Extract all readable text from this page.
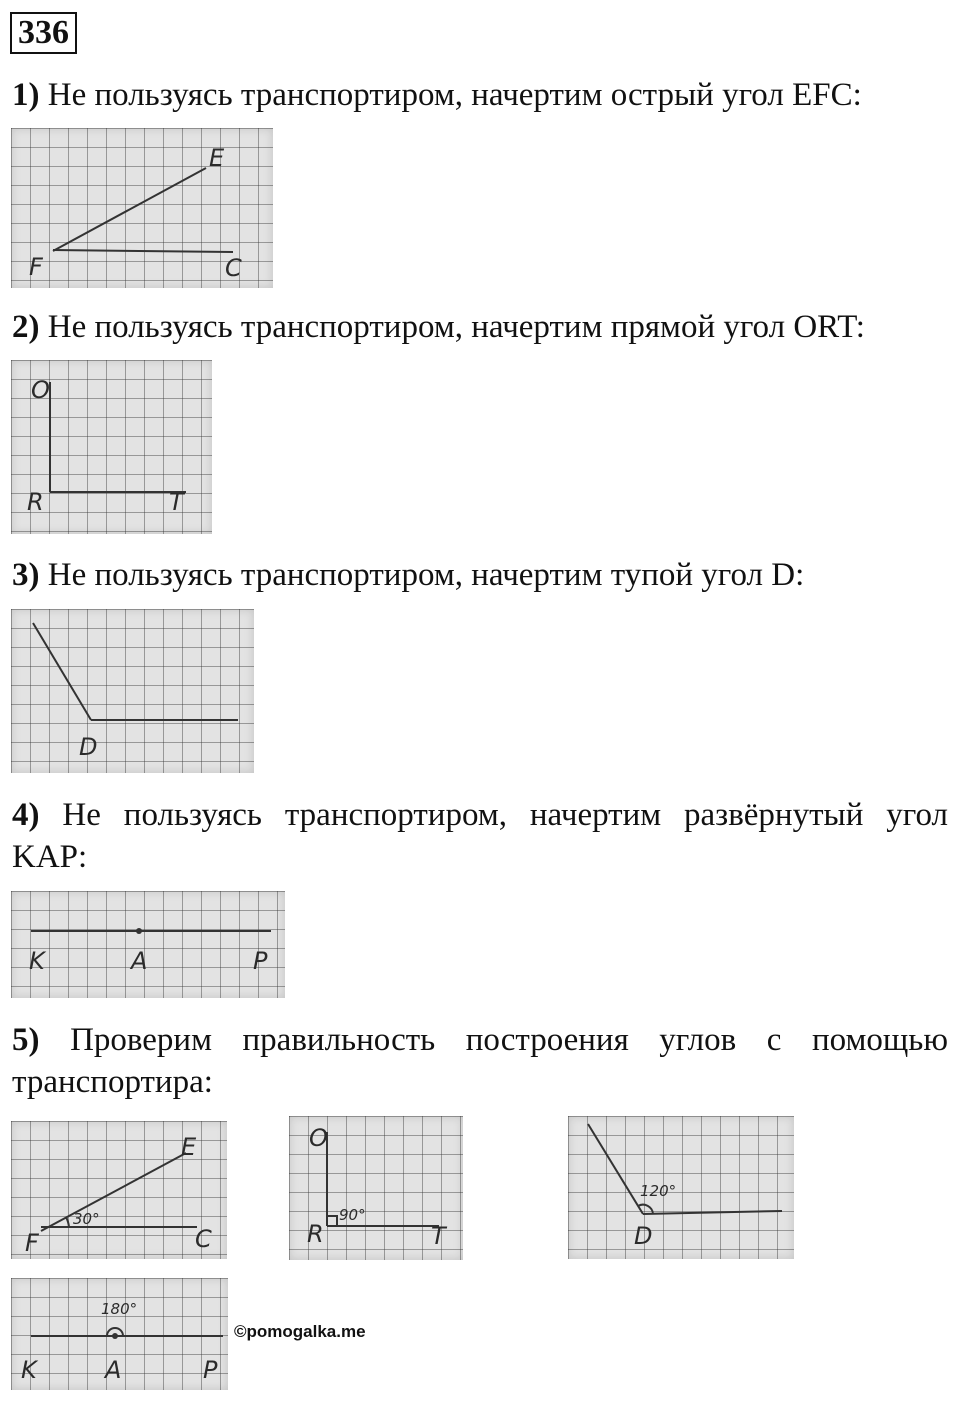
336
1) Не пользуясь транспортиром, начертим острый угол EFC:
E
F	C
2) Не пользуясь транспортиром, начертим прямой угол ORT:
O
R	T
3) Не пользуясь транспортиром, начертим тупой угол D:
D
4) Не пользуясь транспортиром, начертим развёрнутый угол
KAP:
K	A	P
5) Проверим правильность построения углов с помощью
транспортира:
30°
E
F	C
90°
O
R	T
120°
D
180°
K	A	P
©pomogalka.me
